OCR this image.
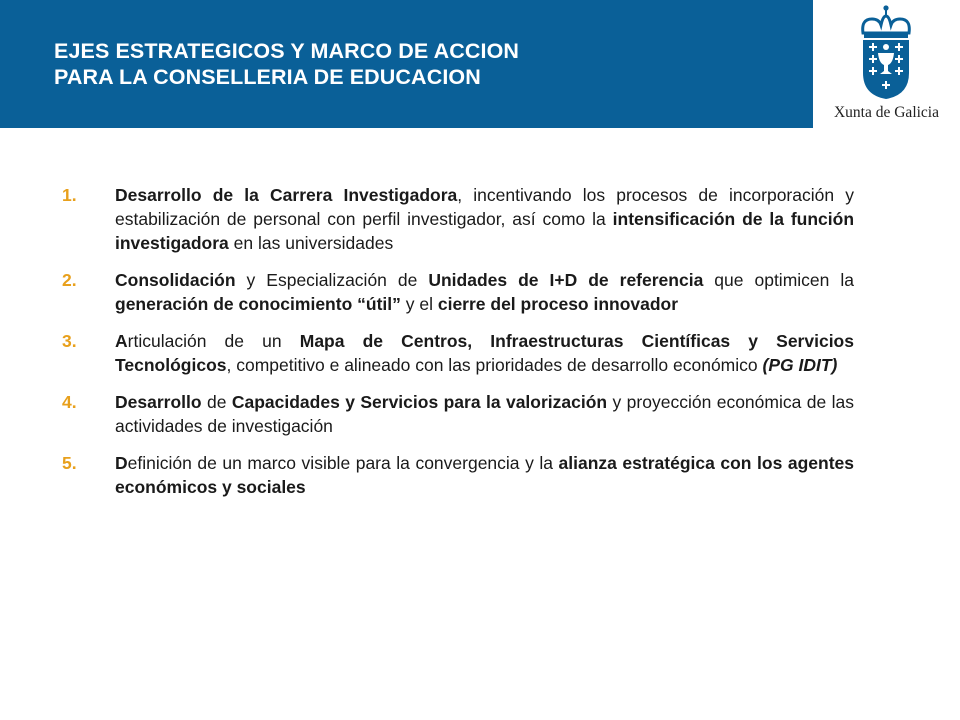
EJES ESTRATEGICOS Y MARCO DE ACCION
PARA LA CONSELLERIA DE EDUCACION
Xunta de Galicia
1. Desarrollo de la Carrera Investigadora, incentivando los procesos de incorporación y estabilización de personal con perfil investigador, así como la intensificación de la función investigadora en las universidades
2. Consolidación y Especialización de Unidades de I+D de referencia que optimicen la generación de conocimiento “útil” y el cierre del proceso innovador
3. Articulación de un Mapa de Centros, Infraestructuras Científicas y Servicios Tecnológicos, competitivo e alineado con las prioridades de desarrollo económico (PG IDIT)
4. Desarrollo de Capacidades y Servicios para la valorización y proyección económica de las actividades de investigación
5. Definición de un marco visible para la convergencia y la alianza estratégica con los agentes económicos y sociales
